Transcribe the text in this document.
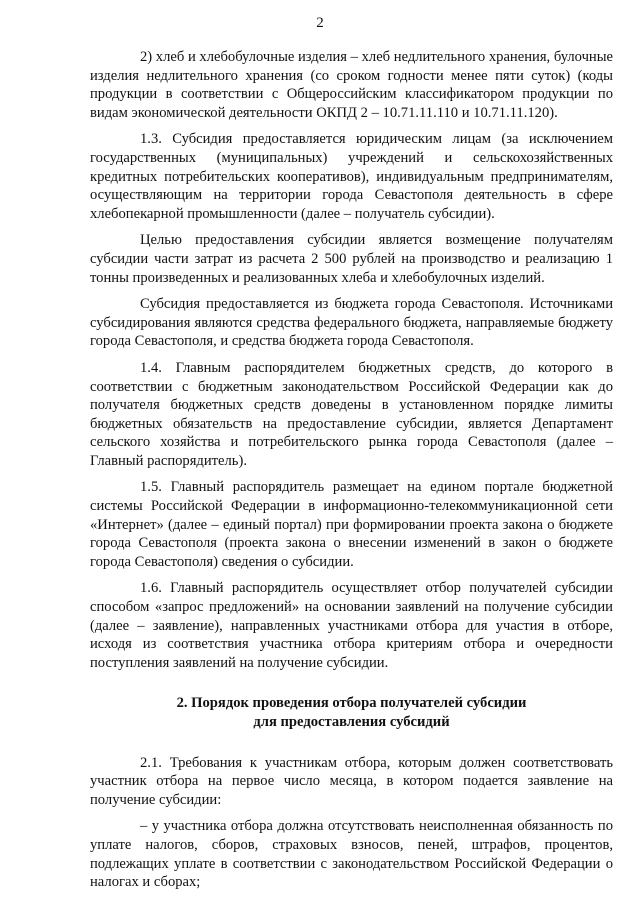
2

2) хлеб и хлебобулочные изделия – хлеб недлительного хранения, булочные изделия недлительного хранения (со сроком годности менее пяти суток) (коды продукции в соответствии с Общероссийским классификатором продукции по видам экономической деятельности ОКПД 2 – 10.71.11.110 и 10.71.11.120).

1.3. Субсидия предоставляется юридическим лицам (за исключением государственных (муниципальных) учреждений и сельскохозяйственных кредитных потребительских кооперативов), индивидуальным предпринимателям, осуществляющим на территории города Севастополя деятельность в сфере хлебопекарной промышленности (далее – получатель субсидии).

Целью предоставления субсидии является возмещение получателям субсидии части затрат из расчета 2 500 рублей на производство и реализацию 1 тонны произведенных и реализованных хлеба и хлебобулочных изделий.

Субсидия предоставляется из бюджета города Севастополя. Источниками субсидирования являются средства федерального бюджета, направляемые бюджету города Севастополя, и средства бюджета города Севастополя.

1.4. Главным распорядителем бюджетных средств, до которого в соответствии с бюджетным законодательством Российской Федерации как до получателя бюджетных средств доведены в установленном порядке лимиты бюджетных обязательств на предоставление субсидии, является Департамент сельского хозяйства и потребительского рынка города Севастополя (далее – Главный распорядитель).

1.5. Главный распорядитель размещает на едином портале бюджетной системы Российской Федерации в информационно-телекоммуникационной сети «Интернет» (далее – единый портал) при формировании проекта закона о бюджете города Севастополя (проекта закона о внесении изменений в закон о бюджете города Севастополя) сведения о субсидии.

1.6. Главный распорядитель осуществляет отбор получателей субсидии способом «запрос предложений» на основании заявлений на получение субсидии (далее – заявление), направленных участниками отбора для участия в отборе, исходя из соответствия участника отбора критериям отбора и очередности поступления заявлений на получение субсидии.

2. Порядок проведения отбора получателей субсидии

для предоставления субсидий

2.1. Требования к участникам отбора, которым должен соответствовать участник отбора на первое число месяца, в котором подается заявление на получение субсидии:

– у участника отбора должна отсутствовать неисполненная обязанность по уплате налогов, сборов, страховых взносов, пеней, штрафов, процентов, подлежащих уплате в соответствии с законодательством Российской Федерации о налогах и сборах;
